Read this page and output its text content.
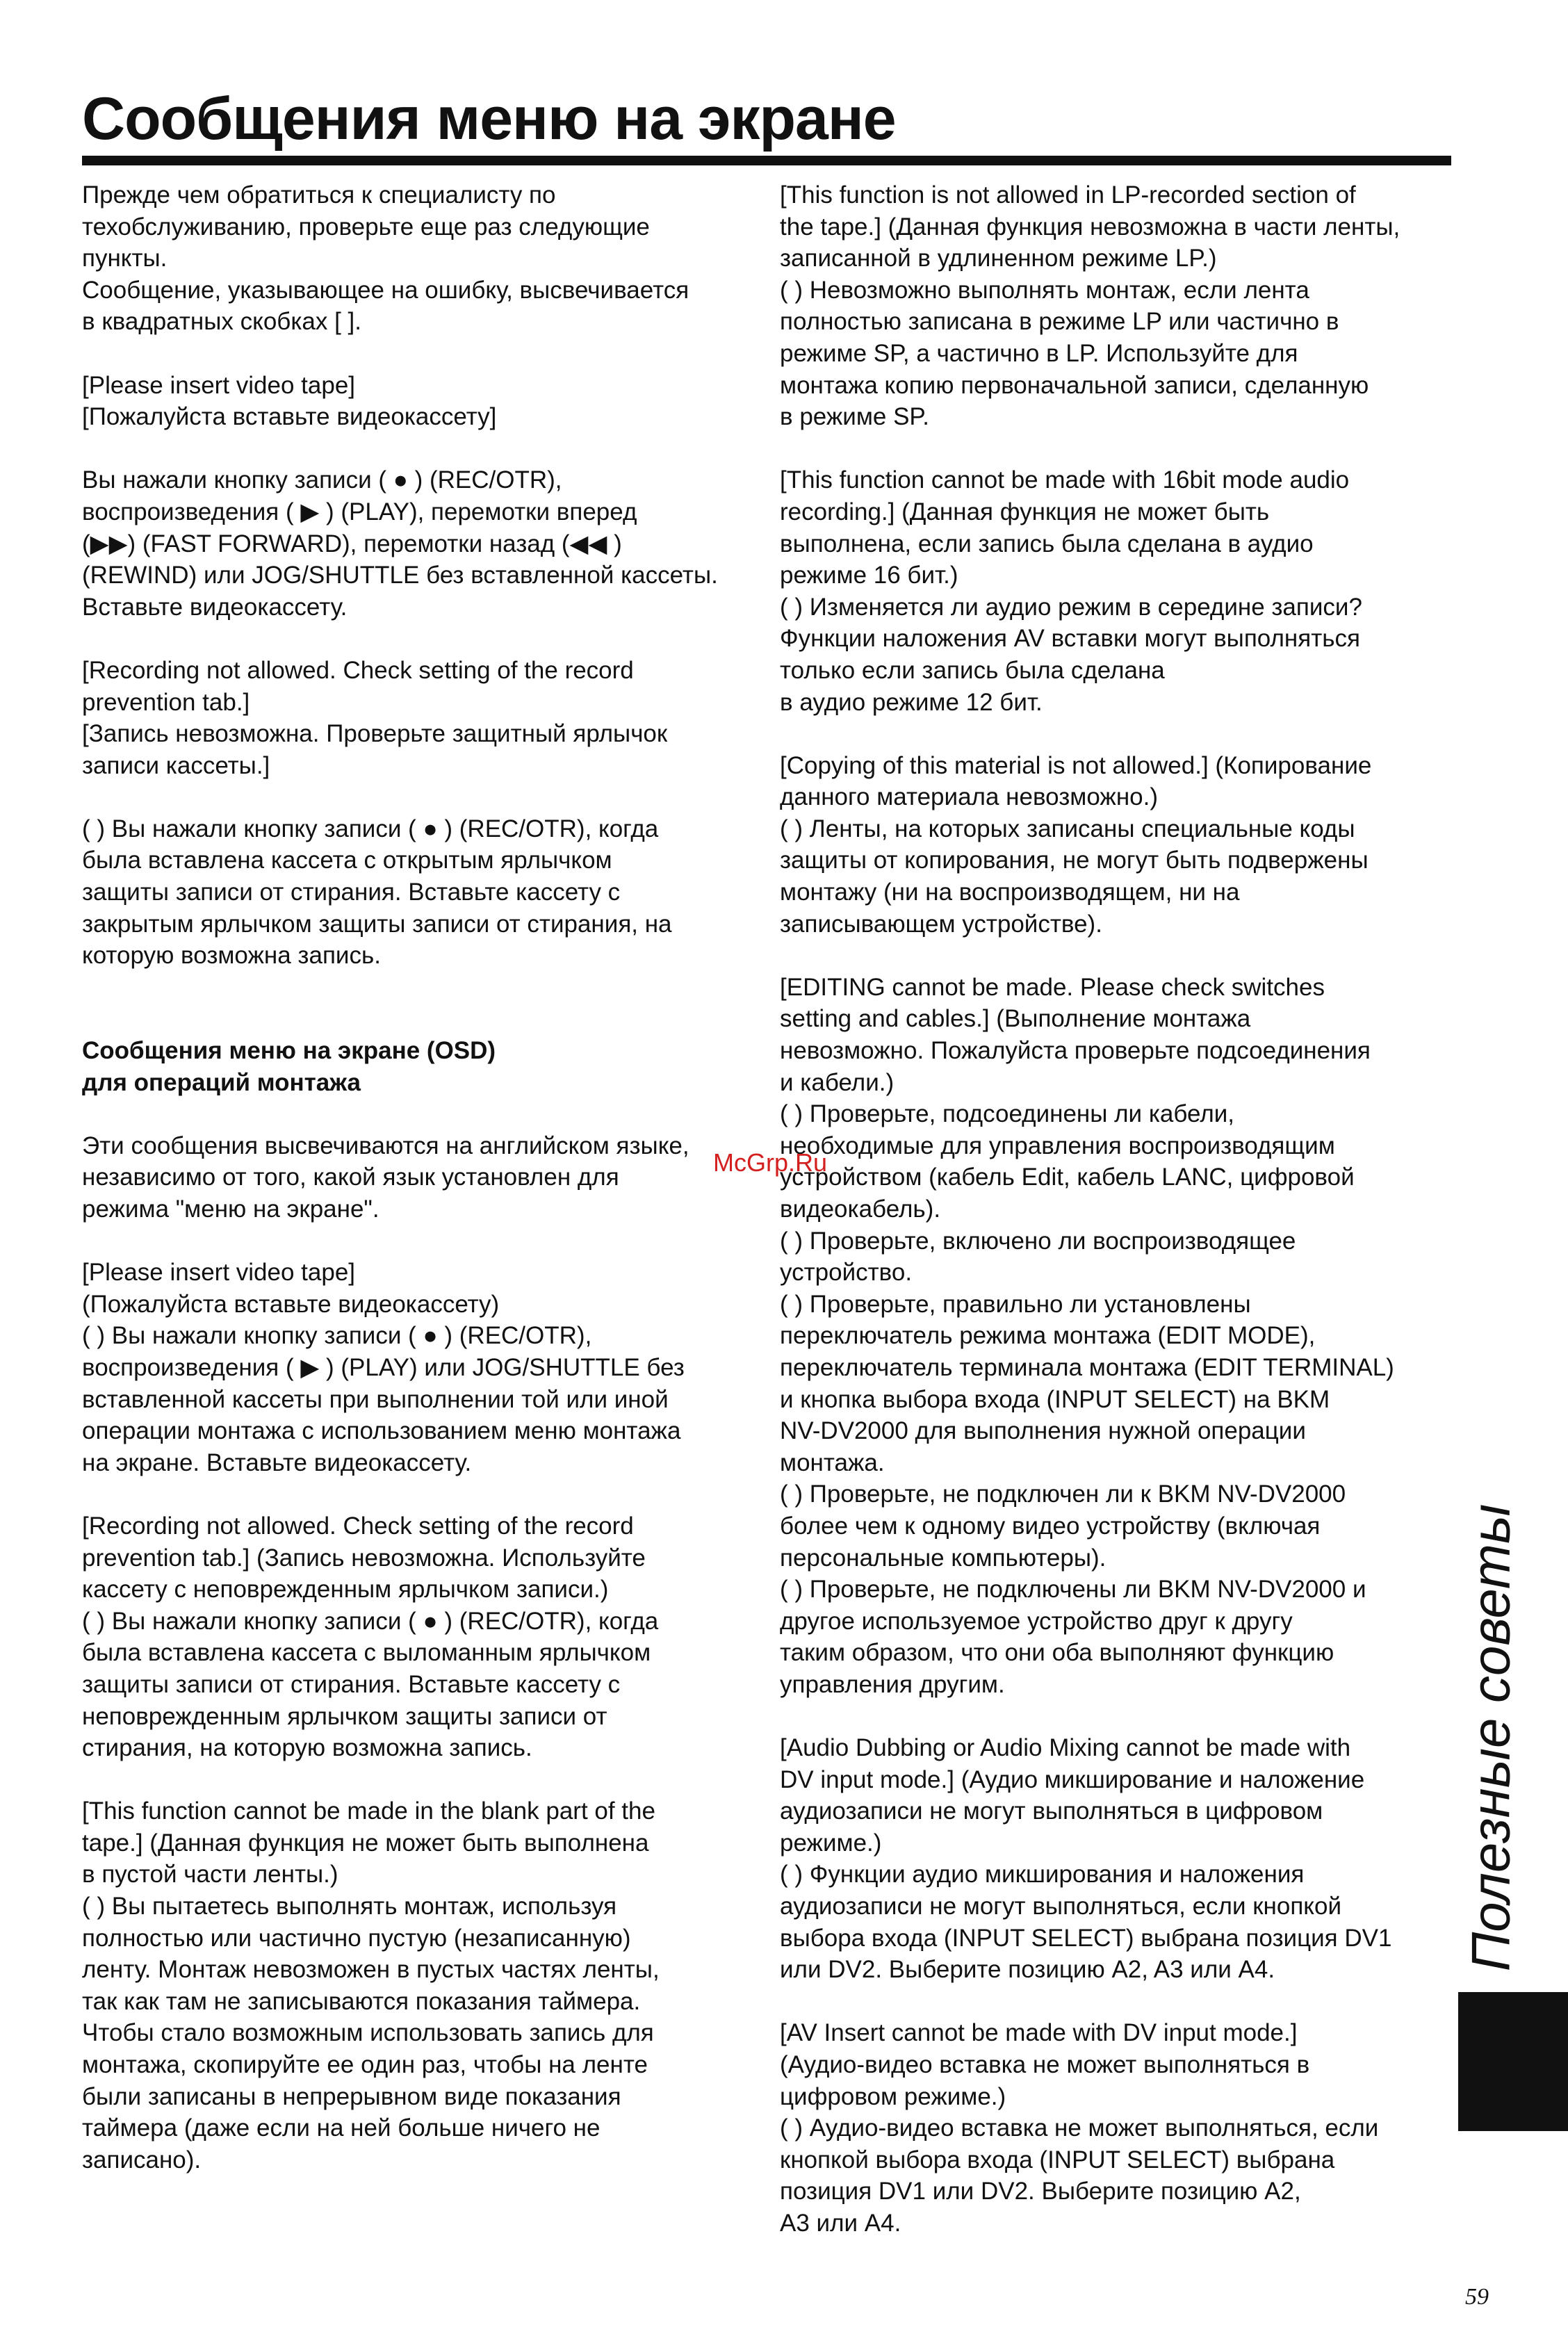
Сообщения меню на экране

Прежде чем обратиться к специалисту по
техобслуживанию, проверьте еще раз следующие
пункты.
Сообщение, указывающее на ошибку, высвечивается
в квадратных скобках [ ].

[Please insert video tape]
[Пожалуйста вставьте видеокассету]

Вы нажали кнопку записи ( ● ) (REC/OTR),
воспроизведения ( ▶ ) (PLAY), перемотки вперед
(▶▶) (FAST FORWARD), перемотки назад (◀◀ )
(REWIND) или JOG/SHUTTLE без вставленной кассеты.
Вставьте видеокассету.

[Recording not allowed. Check setting of the record
prevention tab.]
[Запись невозможна. Проверьте защитный ярлычок
записи кассеты.]

( ) Вы нажали кнопку записи ( ● ) (REC/OTR), когда
была вставлена кассета с открытым ярлычком
защиты записи от стирания. Вставьте кассету с
закрытым ярлычком защиты записи от стирания, на
которую возможна запись.

Сообщения меню на экране (OSD)
для операций монтажа

Эти сообщения высвечиваются на английском языке,
независимо от того, какой язык установлен для
режима "меню на экране".

[Please insert video tape]
(Пожалуйста вставьте видеокассету)
( ) Вы нажали кнопку записи ( ● ) (REC/OTR),
воспроизведения ( ▶ ) (PLAY) или JOG/SHUTTLE без
вставленной кассеты при выполнении той или иной
операции монтажа с использованием меню монтажа
на экране. Вставьте видеокассету.

[Recording not allowed. Check setting of the record
prevention tab.] (Запись невозможна. Используйте
кассету с неповрежденным ярлычком записи.)
( ) Вы нажали кнопку записи ( ● ) (REC/OTR), когда
была вставлена кассета с выломанным ярлычком
защиты записи от стирания. Вставьте кассету с
неповрежденным ярлычком защиты записи от
стирания, на которую возможна запись.

[This function cannot be made in the blank part of the
tape.] (Данная функция не может быть выполнена
в пустой части ленты.)
( ) Вы пытаетесь выполнять монтаж, используя
полностью или частично пустую (незаписанную)
ленту. Монтаж невозможен в пустых частях ленты,
так как там не записываются показания таймера.
Чтобы стало возможным использовать запись для
монтажа, скопируйте ее один раз, чтобы на ленте
были записаны в непрерывном виде показания
таймера (даже если на ней больше ничего не
записано).

[This function is not allowed in LP-recorded section of
the tape.] (Данная функция невозможна в части ленты,
записанной в удлиненном режиме LP.)
( ) Невозможно выполнять монтаж, если лента
полностью записана в режиме LP или частично в
режиме SP, а частично в LP. Используйте для
монтажа копию первоначальной записи, сделанную
в режиме SP.

[This function cannot be made with 16bit mode audio
recording.] (Данная функция не может быть
выполнена, если запись была сделана в аудио
режиме 16 бит.)
( ) Изменяется ли аудио режим в середине записи?
Функции наложения AV вставки могут выполняться
только если запись была сделана
в аудио режиме 12 бит.

[Copying of this material is not allowed.] (Копирование
данного материала невозможно.)
( ) Ленты, на которых записаны специальные коды
защиты от копирования, не могут быть подвержены
монтажу (ни на воспроизводящем, ни на
записывающем устройстве).

[EDITING cannot be made. Please check switches
setting and cables.] (Выполнение монтажа
невозможно. Пожалуйста проверьте подсоединения
и кабели.)
( ) Проверьте, подсоединены ли кабели,
необходимые для управления воспроизводящим
устройством (кабель Edit, кабель LANC, цифровой
видеокабель).
( ) Проверьте, включено ли воспроизводящее
устройство.
( ) Проверьте, правильно ли установлены
переключатель режима монтажа (EDIT MODE),
переключатель терминала монтажа (EDIT TERMINAL)
и кнопка выбора входа (INPUT SELECT) на BKM
NV-DV2000 для выполнения нужной операции
монтажа.
( ) Проверьте, не подключен ли к BKM NV-DV2000
более чем к одному видео устройству (включая
персональные компьютеры).
( ) Проверьте, не подключены ли BKM NV-DV2000 и
другое используемое устройство друг к другу
таким образом, что они оба выполняют функцию
управления другим.

[Audio Dubbing or Audio Mixing cannot be made with
DV input mode.] (Аудио микширование и наложение
аудиозаписи не могут выполняться в цифровом
режиме.)
( ) Функции аудио микширования и наложения
аудиозаписи не могут выполняться, если кнопкой
выбора входа (INPUT SELECT) выбрана позиция DV1
или DV2. Выберите позицию A2, A3 или A4.

[AV Insert cannot be made with DV input mode.]
(Аудио-видео вставка не может выполняться в
цифровом режиме.)
( ) Аудио-видео вставка не может выполняться, если
кнопкой выбора входа (INPUT SELECT) выбрана
позиция DV1 или DV2. Выберите позицию A2,
A3 или A4.

McGrp.Ru
Полезные советы
59
